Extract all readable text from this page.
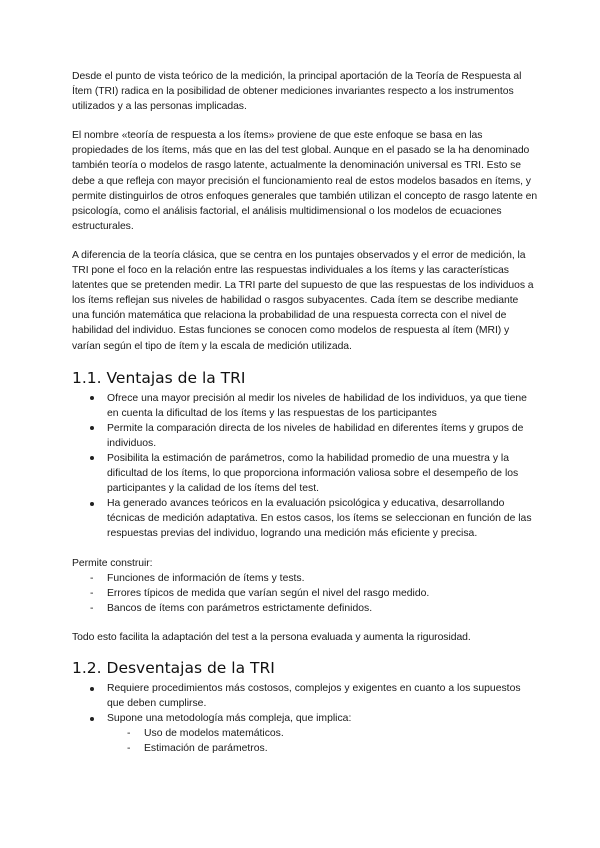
Desde el punto de vista teórico de la medición, la principal aportación de la Teoría de Respuesta al Ítem (TRI) radica en la posibilidad de obtener mediciones invariantes respecto a los instrumentos utilizados y a las personas implicadas.

El nombre «teoría de respuesta a los ítems» proviene de que este enfoque se basa en las propiedades de los ítems, más que en las del test global. Aunque en el pasado se la ha denominado también teoría o modelos de rasgo latente, actualmente la denominación universal es TRI. Esto se debe a que refleja con mayor precisión el funcionamiento real de estos modelos basados en ítems, y permite distinguirlos de otros enfoques generales que también utilizan el concepto de rasgo latente en psicología, como el análisis factorial, el análisis multidimensional o los modelos de ecuaciones estructurales.

A diferencia de la teoría clásica, que se centra en los puntajes observados y el error de medición, la TRI pone el foco en la relación entre las respuestas individuales a los ítems y las características latentes que se pretenden medir. La TRI parte del supuesto de que las respuestas de los individuos a los ítems reflejan sus niveles de habilidad o rasgos subyacentes. Cada ítem se describe mediante una función matemática que relaciona la probabilidad de una respuesta correcta con el nivel de habilidad del individuo. Estas funciones se conocen como modelos de respuesta al ítem (MRI) y varían según el tipo de ítem y la escala de medición utilizada.

1.1. Ventajas de la TRI
Ofrece una mayor precisión al medir los niveles de habilidad de los individuos, ya que tiene en cuenta la dificultad de los ítems y las respuestas de los participantes
Permite la comparación directa de los niveles de habilidad en diferentes ítems y grupos de individuos.
Posibilita la estimación de parámetros, como la habilidad promedio de una muestra y la dificultad de los ítems, lo que proporciona información valiosa sobre el desempeño de los participantes y la calidad de los ítems del test.
Ha generado avances teóricos en la evaluación psicológica y educativa, desarrollando técnicas de medición adaptativa. En estos casos, los ítems se seleccionan en función de las respuestas previas del individuo, logrando una medición más eficiente y precisa.

Permite construir:

- Funciones de información de ítems y tests.
- Errores típicos de medida que varían según el nivel del rasgo medido.
- Bancos de ítems con parámetros estrictamente definidos.

Todo esto facilita la adaptación del test a la persona evaluada y aumenta la rigurosidad.

1.2. Desventajas de la TRI
Requiere procedimientos más costosos, complejos y exigentes en cuanto a los supuestos que deben cumplirse.
Supone una metodología más compleja, que implica:
- Uso de modelos matemáticos.
- Estimación de parámetros.
